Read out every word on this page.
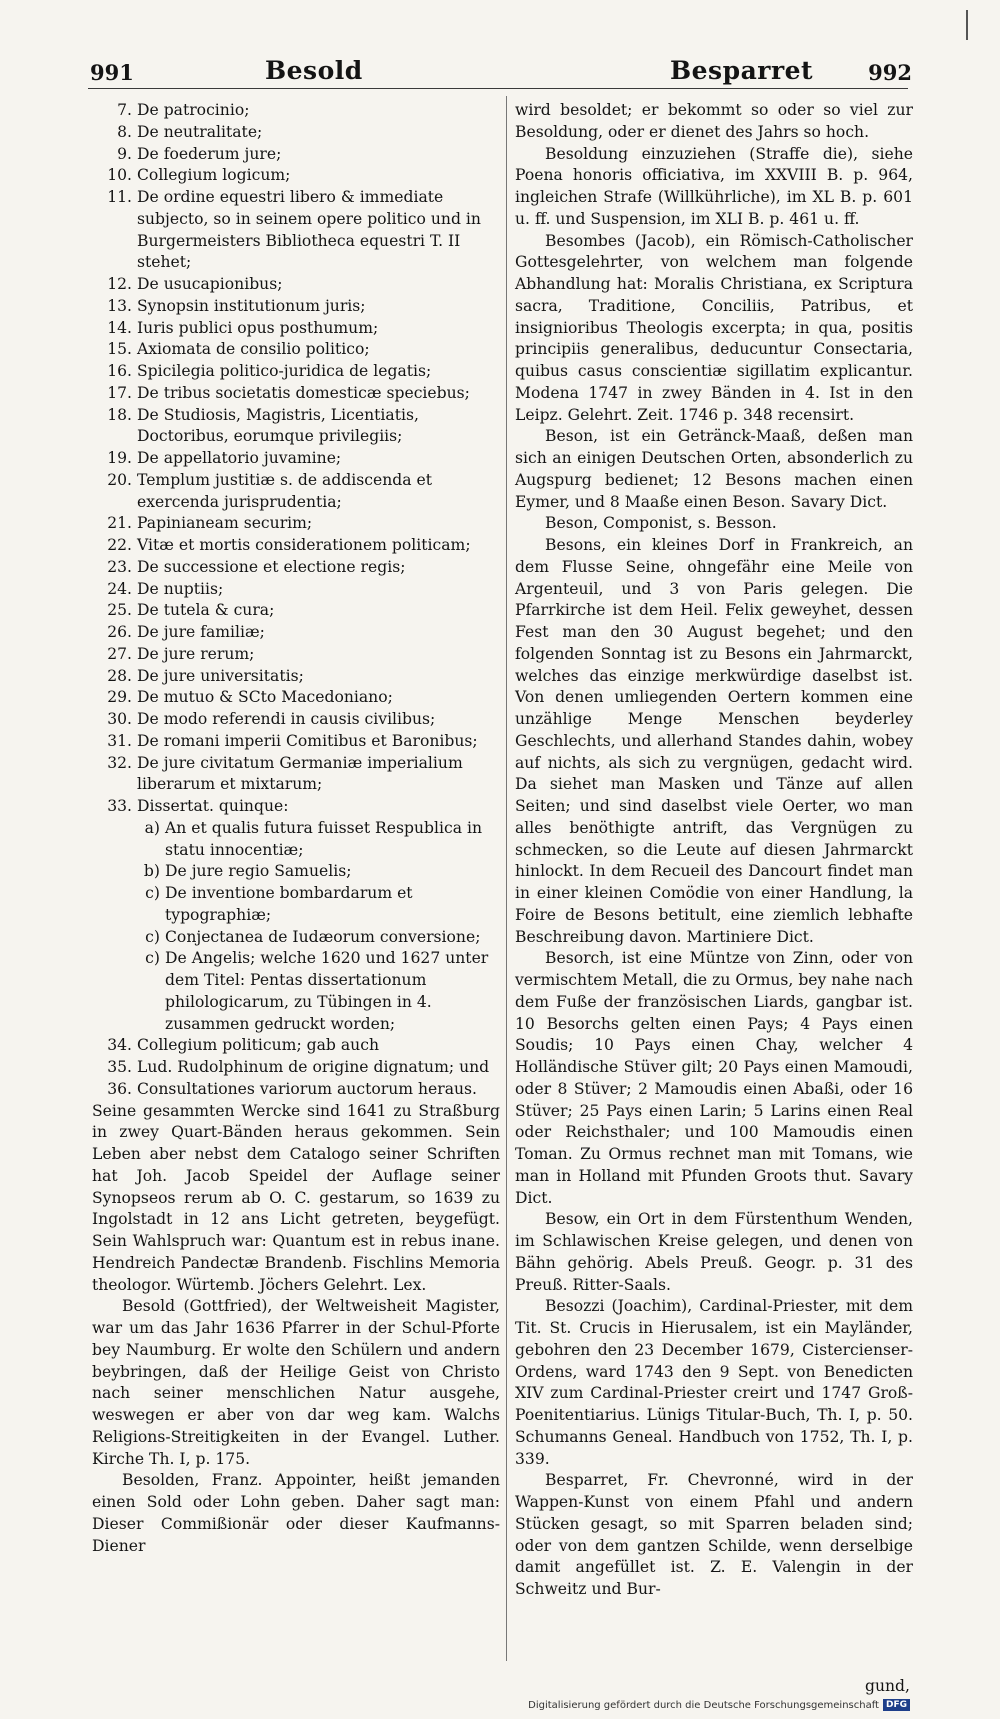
991	Besold	Besparret	992
7. De patrocinio;
8. De neutralitate;
9. De foederum jure;
10. Collegium logicum;
11. De ordine equestri libero & immediate subjecto, so in seinem opere politico und in Burgermeisters Bibliotheca equestri T. II stehet;
12. De usucapionibus;
13. Synopsin institutionum juris;
14. Iuris publici opus posthumum;
15. Axiomata de consilio politico;
16. Spicilegia politico-juridica de legatis;
17. De tribus societatis domesticæ speciebus;
18. De Studiosis, Magistris, Licentiatis, Doctoribus, eorumque privilegiis;
19. De appellatorio juvamine;
20. Templum justitiæ s. de addiscenda et exercenda jurisprudentia;
21. Papinianeam securim;
22. Vitæ et mortis considerationem politicam;
23. De successione et electione regis;
24. De nuptiis;
25. De tutela & cura;
26. De jure familiæ;
27. De jure rerum;
28. De jure universitatis;
29. De mutuo & SCto Macedoniano;
30. De modo referendi in causis civilibus;
31. De romani imperii Comitibus et Baronibus;
32. De jure civitatum Germaniæ imperialium liberarum et mixtarum;
33. Dissertat. quinque:
a) An et qualis futura fuisset Respublica in statu innocentiæ;
b) De jure regio Samuelis;
c) De inventione bombardarum et typographiæ;
c) Conjectanea de Iudæorum conversione;
c) De Angelis; welche 1620 und 1627 unter dem Titel: Pentas dissertationum philologicarum, zu Tübingen in 4. zusammen gedruckt worden;
34. Collegium politicum; gab auch
35. Lud. Rudolphinum de origine dignatum; und
36. Consultationes variorum auctorum heraus.

Seine gesammten Wercke sind 1641 zu Straßburg in zwey Quart-Bänden heraus gekommen. Sein Leben aber nebst dem Catalogo seiner Schriften hat Joh. Jacob Speidel der Auflage seiner Synopseos rerum ab O. C. gestarum, so 1639 zu Ingolstadt in 12 ans Licht getreten, beygefügt. Sein Wahlspruch war: Quantum est in rebus inane. Hendreich Pandectæ Brandenb. Fischlins Memoria theologor. Würtemb. Jöchers Gelehrt. Lex.

Besold (Gottfried), der Weltweisheit Magister, war um das Jahr 1636 Pfarrer in der Schul-Pforte bey Naumburg. Er wolte den Schülern und andern beybringen, daß der Heilige Geist von Christo nach seiner menschlichen Natur ausgehe, weswegen er aber von dar weg kam. Walchs Religions-Streitigkeiten in der Evangel. Luther. Kirche Th. I, p. 175.

Besolden, Franz. Appointer, heißt jemanden einen Sold oder Lohn geben. Daher sagt man: Dieser Commißionär oder dieser Kaufmanns-Diener

wird besoldet; er bekommt so oder so viel zur Besoldung, oder er dienet des Jahrs so hoch.

Besoldung einzuziehen (Straffe die), siehe Poena honoris officiativa, im XXVIII B. p. 964, ingleichen Strafe (Willkührliche), im XL B. p. 601 u. ff. und Suspension, im XLI B. p. 461 u. ff.

Besombes (Jacob), ein Römisch-Catholischer Gottesgelehrter, von welchem man folgende Abhandlung hat: Moralis Christiana, ex Scriptura sacra, Traditione, Conciliis, Patribus, et insignioribus Theologis excerpta; in qua, positis principiis generalibus, deducuntur Consectaria, quibus casus conscientiæ sigillatim explicantur. Modena 1747 in zwey Bänden in 4. Ist in den Leipz. Gelehrt. Zeit. 1746 p. 348 recensirt.

Beson, ist ein Getränck-Maaß, deßen man sich an einigen Deutschen Orten, absonderlich zu Augspurg bedienet; 12 Besons machen einen Eymer, und 8 Maaße einen Beson. Savary Dict.

Beson, Componist, s. Besson.

Besons, ein kleines Dorf in Frankreich, an dem Flusse Seine, ohngefähr eine Meile von Argenteuil, und 3 von Paris gelegen. Die Pfarrkirche ist dem Heil. Felix geweyhet, dessen Fest man den 30 August begehet; und den folgenden Sonntag ist zu Besons ein Jahrmarckt, welches das einzige merkwürdige daselbst ist. Von denen umliegenden Oertern kommen eine unzählige Menge Menschen beyderley Geschlechts, und allerhand Standes dahin, wobey auf nichts, als sich zu vergnügen, gedacht wird. Da siehet man Masken und Tänze auf allen Seiten; und sind daselbst viele Oerter, wo man alles benöthigte antrift, das Vergnügen zu schmecken, so die Leute auf diesen Jahrmarckt hinlockt. In dem Recueil des Dancourt findet man in einer kleinen Comödie von einer Handlung, la Foire de Besons betitult, eine ziemlich lebhafte Beschreibung davon. Martiniere Dict.

Besorch, ist eine Müntze von Zinn, oder von vermischtem Metall, die zu Ormus, bey nahe nach dem Fuße der französischen Liards, gangbar ist. 10 Besorchs gelten einen Pays; 4 Pays einen Soudis; 10 Pays einen Chay, welcher 4 Holländische Stüver gilt; 20 Pays einen Mamoudi, oder 8 Stüver; 2 Mamoudis einen Abaßi, oder 16 Stüver; 25 Pays einen Larin; 5 Larins einen Real oder Reichsthaler; und 100 Mamoudis einen Toman. Zu Ormus rechnet man mit Tomans, wie man in Holland mit Pfunden Groots thut. Savary Dict.

Besow, ein Ort in dem Fürstenthum Wenden, im Schlawischen Kreise gelegen, und denen von Bähn gehörig. Abels Preuß. Geogr. p. 31 des Preuß. Ritter-Saals.

Besozzi (Joachim), Cardinal-Priester, mit dem Tit. St. Crucis in Hierusalem, ist ein Mayländer, gebohren den 23 December 1679, Cistercienser-Ordens, ward 1743 den 9 Sept. von Benedicten XIV zum Cardinal-Priester creirt und 1747 Groß-Poenitentiarius. Lünigs Titular-Buch, Th. I, p. 50. Schumanns Geneal. Handbuch von 1752, Th. I, p. 339.

Besparret, Fr. Chevronné, wird in der Wappen-Kunst von einem Pfahl und andern Stücken gesagt, so mit Sparren beladen sind; oder von dem gantzen Schilde, wenn derselbige damit angefüllet ist. Z. E. Valengin in der Schweitz und Bur-

gund,
Digitalisierung gefördert durch die Deutsche Forschungsgemeinschaft DFG
